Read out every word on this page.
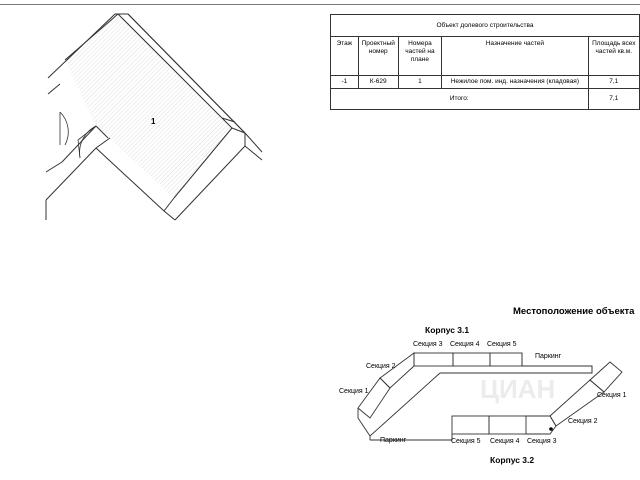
1
Объект долевого строительства				
Этаж	Проектный номер	Номера частей на плане	Назначение частей	Площадь всех частей кв.м.
-1	К-629	1	Нежилое пом. инд. назначения (кладовая)	7,1
Итого:				7,1
Местоположение объекта
ЦИАН
Корпус 3.1
Секция 3 Секция 4 Секция 5
Секция 2
Секция 1
Паркинг
Паркинг	Секция 5 Секция 4 Секция 3
Секция 2
Секция 1
Корпус 3.2
